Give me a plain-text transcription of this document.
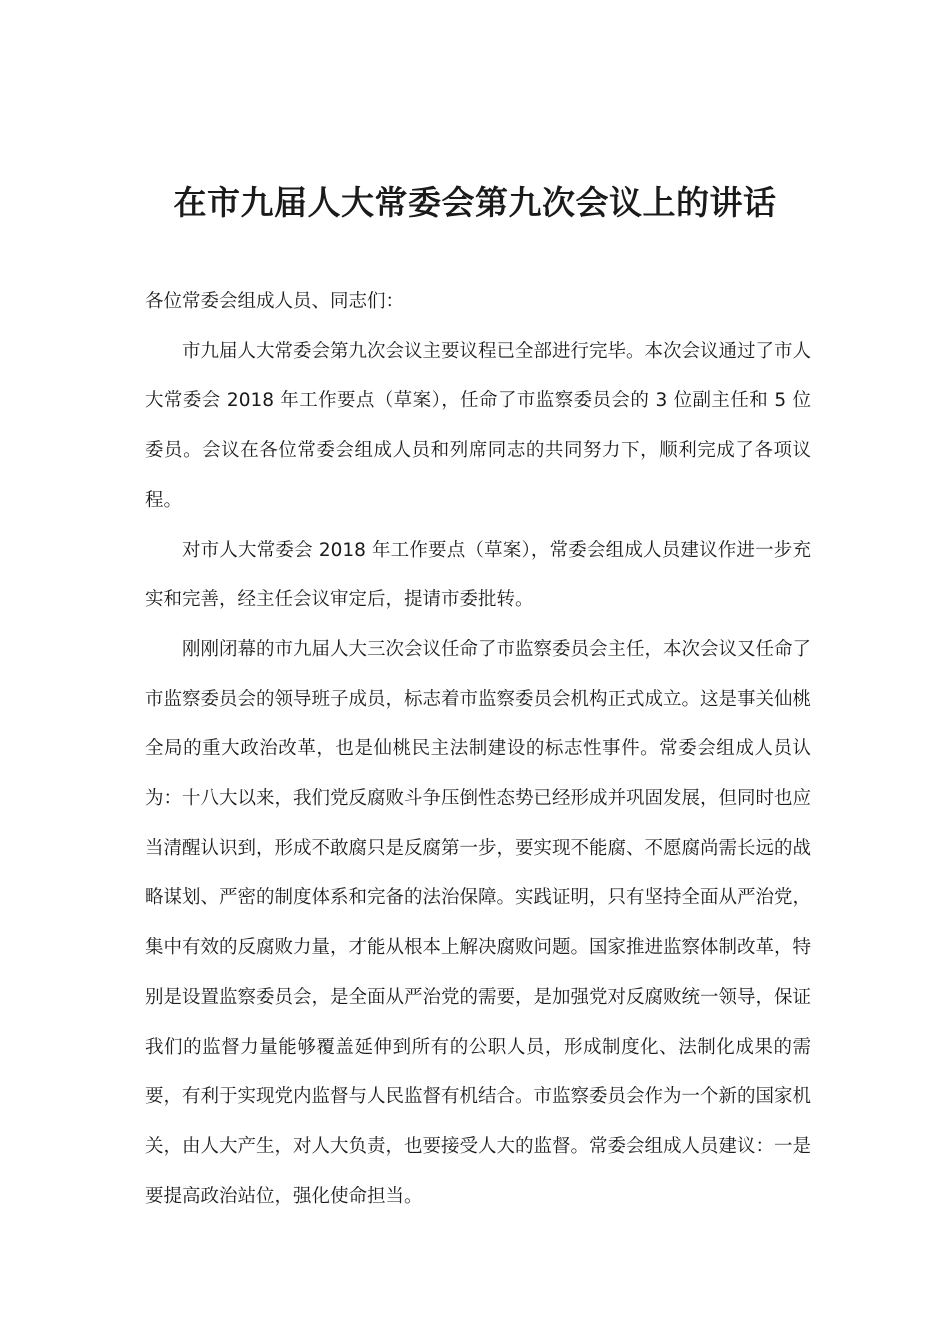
在市九届人大常委会第九次会议上的讲话

各位常委会组成人员、同志们：

市九届人大常委会第九次会议主要议程已全部进行完毕。本次会议通过了市人大常委会 2018 年工作要点（草案），任命了市监察委员会的 3 位副主任和 5 位委员。会议在各位常委会组成人员和列席同志的共同努力下，顺利完成了各项议程。

对市人大常委会 2018 年工作要点（草案），常委会组成人员建议作进一步充实和完善，经主任会议审定后，提请市委批转。

刚刚闭幕的市九届人大三次会议任命了市监察委员会主任，本次会议又任命了市监察委员会的领导班子成员，标志着市监察委员会机构正式成立。这是事关仙桃全局的重大政治改革，也是仙桃民主法制建设的标志性事件。常委会组成人员认为：十八大以来，我们党反腐败斗争压倒性态势已经形成并巩固发展，但同时也应当清醒认识到，形成不敢腐只是反腐第一步，要实现不能腐、不愿腐尚需长远的战略谋划、严密的制度体系和完备的法治保障。实践证明，只有坚持全面从严治党，集中有效的反腐败力量，才能从根本上解决腐败问题。国家推进监察体制改革，特别是设置监察委员会，是全面从严治党的需要，是加强党对反腐败统一领导，保证我们的监督力量能够覆盖延伸到所有的公职人员，形成制度化、法制化成果的需要，有利于实现党内监督与人民监督有机结合。市监察委员会作为一个新的国家机关，由人大产生，对人大负责，也要接受人大的监督。常委会组成人员建议：一是要提高政治站位，强化使命担当。
